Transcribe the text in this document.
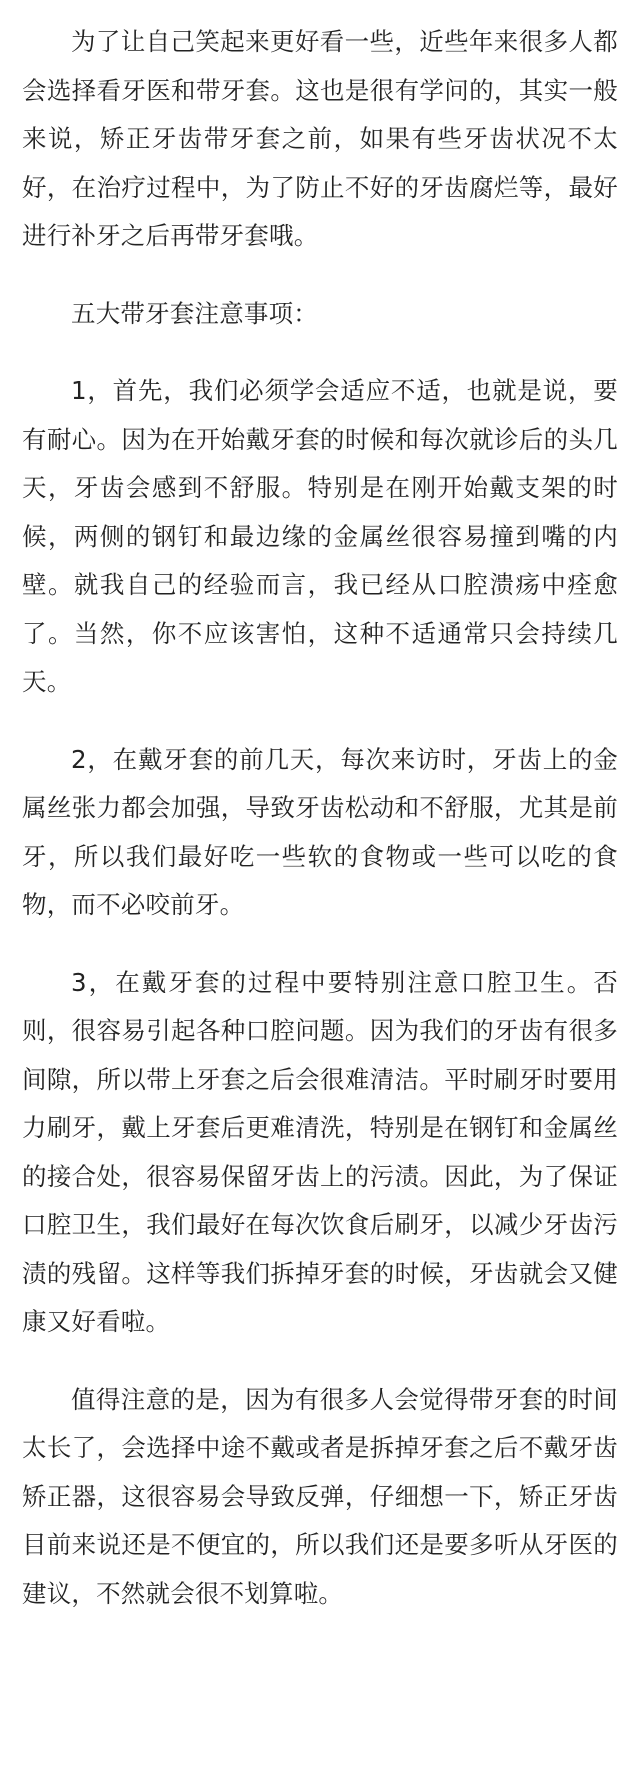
为了让自己笑起来更好看一些，近些年来很多人都会选择看牙医和带牙套。这也是很有学问的，其实一般来说，矫正牙齿带牙套之前，如果有些牙齿状况不太好，在治疗过程中，为了防止不好的牙齿腐烂等，最好进行补牙之后再带牙套哦。

五大带牙套注意事项：

1，首先，我们必须学会适应不适，也就是说，要有耐心。因为在开始戴牙套的时候和每次就诊后的头几天，牙齿会感到不舒服。特别是在刚开始戴支架的时候，两侧的钢钉和最边缘的金属丝很容易撞到嘴的内壁。就我自己的经验而言，我已经从口腔溃疡中痊愈了。当然，你不应该害怕，这种不适通常只会持续几天。

2，在戴牙套的前几天，每次来访时，牙齿上的金属丝张力都会加强，导致牙齿松动和不舒服，尤其是前牙，所以我们最好吃一些软的食物或一些可以吃的食物，而不必咬前牙。

3，在戴牙套的过程中要特别注意口腔卫生。否则，很容易引起各种口腔问题。因为我们的牙齿有很多间隙，所以带上牙套之后会很难清洁。平时刷牙时要用力刷牙，戴上牙套后更难清洗，特别是在钢钉和金属丝的接合处，很容易保留牙齿上的污渍。因此，为了保证口腔卫生，我们最好在每次饮食后刷牙，以减少牙齿污渍的残留。这样等我们拆掉牙套的时候，牙齿就会又健康又好看啦。

值得注意的是，因为有很多人会觉得带牙套的时间太长了，会选择中途不戴或者是拆掉牙套之后不戴牙齿矫正器，这很容易会导致反弹，仔细想一下，矫正牙齿目前来说还是不便宜的，所以我们还是要多听从牙医的建议，不然就会很不划算啦。
